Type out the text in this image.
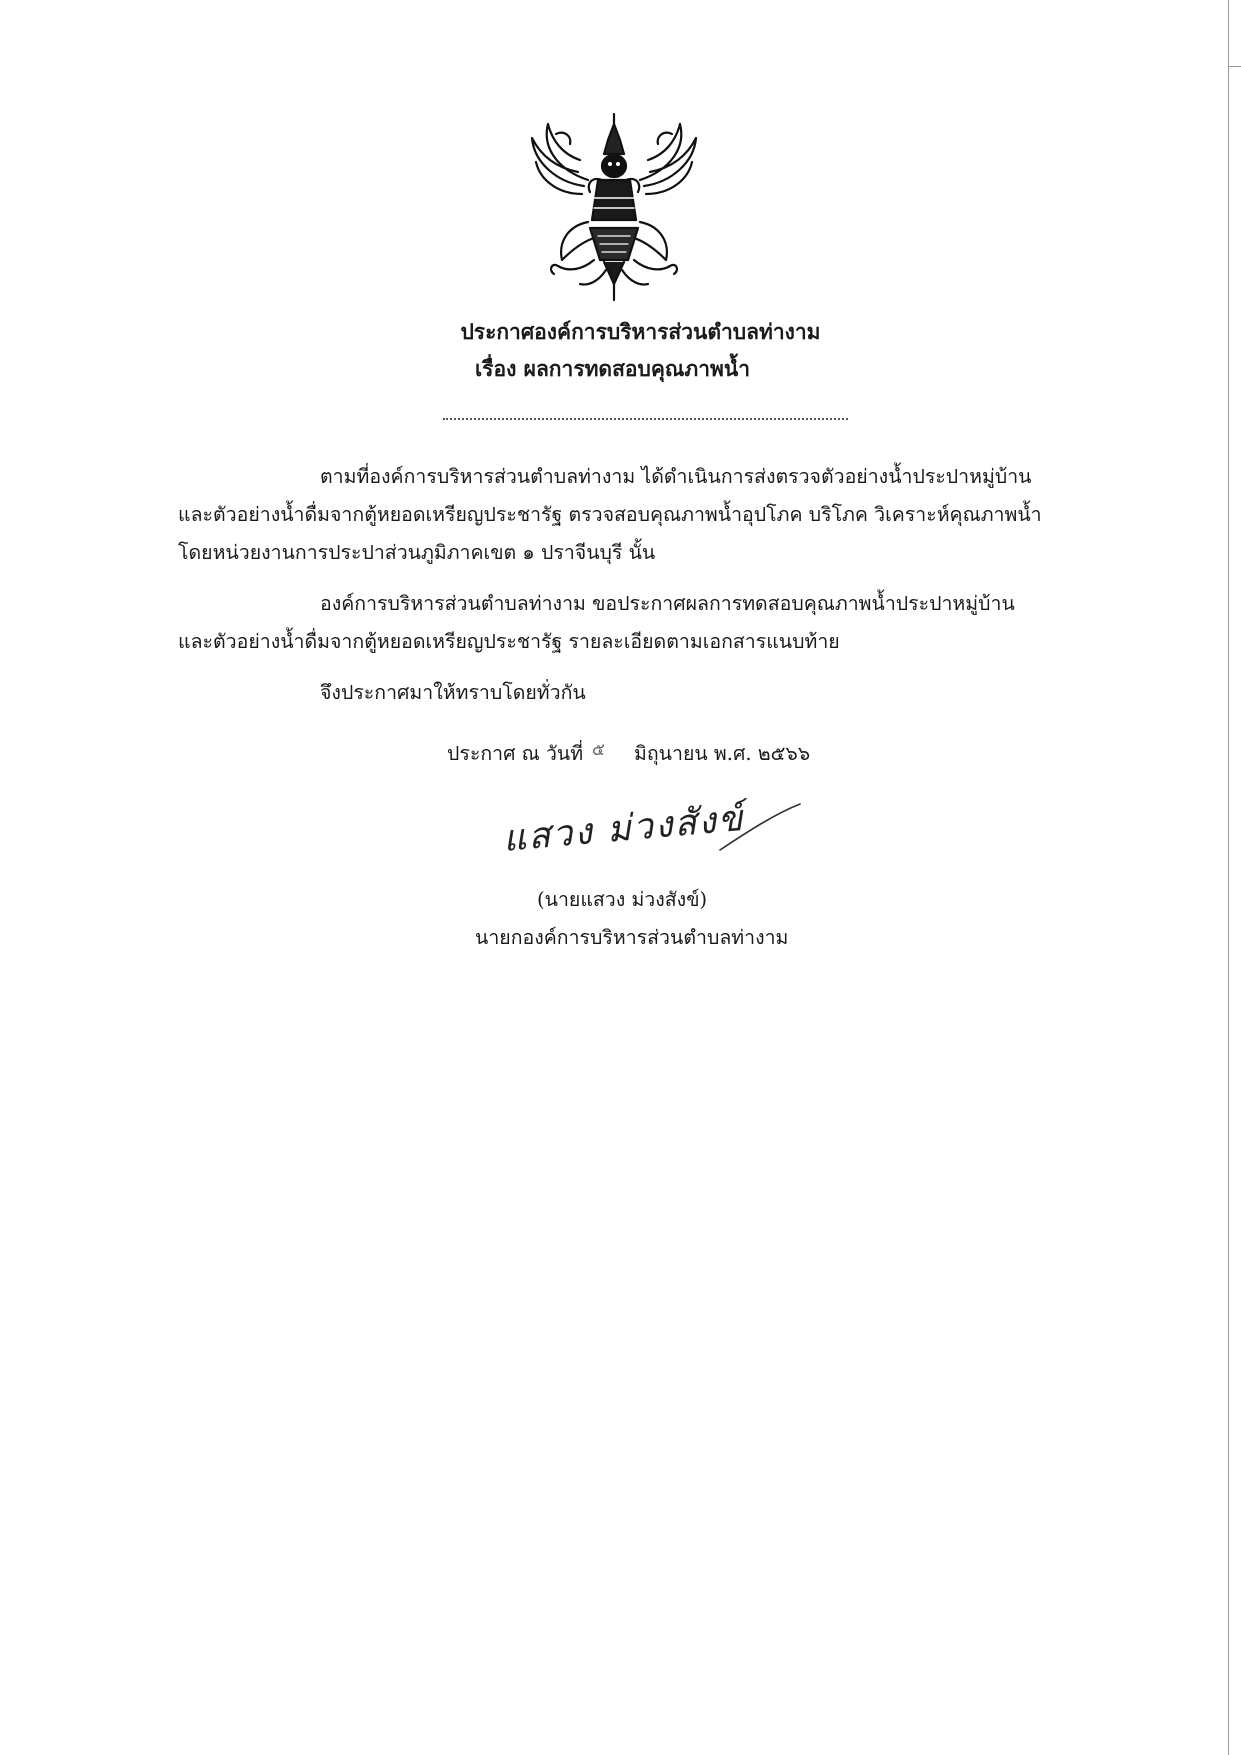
ประกาศองค์การบริหารส่วนตำบลท่างาม
เรื่อง ผลการทดสอบคุณภาพน้ำ
ตามที่องค์การบริหารส่วนตำบลท่างาม ได้ดำเนินการส่งตรวจตัวอย่างน้ำประปาหมู่บ้าน
และตัวอย่างน้ำดื่มจากตู้หยอดเหรียญประชารัฐ ตรวจสอบคุณภาพน้ำอุปโภค บริโภค วิเคราะห์คุณภาพน้ำ
โดยหน่วยงานการประปาส่วนภูมิภาคเขต ๑ ปราจีนบุรี นั้น
องค์การบริหารส่วนตำบลท่างาม ขอประกาศผลการทดสอบคุณภาพน้ำประปาหมู่บ้าน
และตัวอย่างน้ำดื่มจากตู้หยอดเหรียญประชารัฐ รายละเอียดตามเอกสารแนบท้าย
จึงประกาศมาให้ทราบโดยทั่วกัน
ประกาศ ณ วันที่ ๕ มิถุนายน พ.ศ. ๒๕๖๖
แสวง ม่วงสังข์
(นายแสวง ม่วงสังข์)
นายกองค์การบริหารส่วนตำบลท่างาม
